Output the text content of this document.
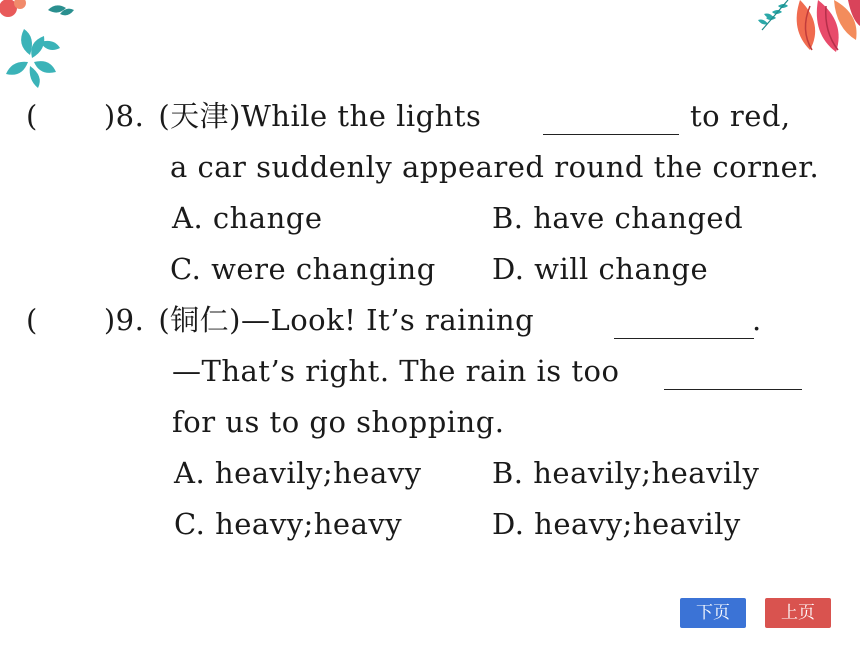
( )8. (天津)While the lights	to red,
a car suddenly appeared round the corner.
A. change	B. have changed
C. were changing D. will change
( )9. (铜仁)—Look! It’s raining	.
—That’s right. The rain is too
for us to go shopping.
A. heavily;heavy B. heavily;heavily
C. heavy;heavy	D. heavy;heavily
下页	上页
